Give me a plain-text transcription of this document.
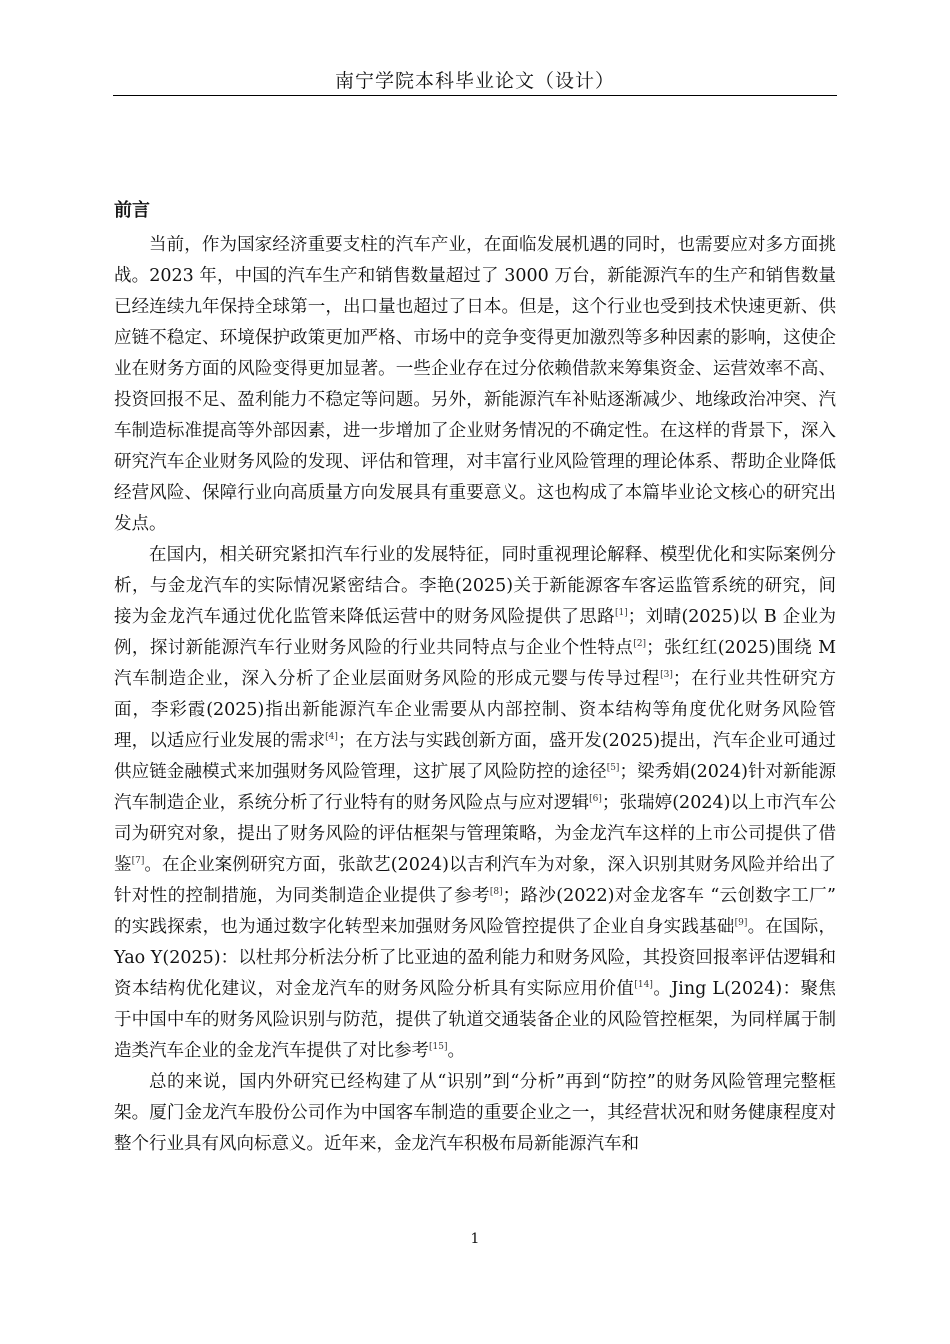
南宁学院本科毕业论文（设计）
前言

当前，作为国家经济重要支柱的汽车产业，在面临发展机遇的同时，也需要应对多方面挑战。2023 年，中国的汽车生产和销售数量超过了 3000 万台，新能源汽车的生产和销售数量已经连续九年保持全球第一，出口量也超过了日本。但是，这个行业也受到技术快速更新、供应链不稳定、环境保护政策更加严格、市场中的竞争变得更加激烈等多种因素的影响，这使企业在财务方面的风险变得更加显著。一些企业存在过分依赖借款来筹集资金、运营效率不高、投资回报不足、盈利能力不稳定等问题。另外，新能源汽车补贴逐渐减少、地缘政治冲突、汽车制造标准提高等外部因素，进一步增加了企业财务情况的不确定性。在这样的背景下，深入研究汽车企业财务风险的发现、评估和管理，对丰富行业风险管理的理论体系、帮助企业降低经营风险、保障行业向高质量方向发展具有重要意义。这也构成了本篇毕业论文核心的研究出发点。

在国内，相关研究紧扣汽车行业的发展特征，同时重视理论解释、模型优化和实际案例分析，与金龙汽车的实际情况紧密结合。李艳(2025)关于新能源客车客运监管系统的研究，间接为金龙汽车通过优化监管来降低运营中的财务风险提供了思路[1]；刘晴(2025)以 B 企业为例，探讨新能源汽车行业财务风险的行业共同特点与企业个性特点[2]；张红红(2025)围绕 M 汽车制造企业，深入分析了企业层面财务风险的形成元婴与传导过程[3]；在行业共性研究方面，李彩霞(2025)指出新能源汽车企业需要从内部控制、资本结构等角度优化财务风险管理，以适应行业发展的需求[4]；在方法与实践创新方面，盛开发(2025)提出，汽车企业可通过供应链金融模式来加强财务风险管理，这扩展了风险防控的途径[5]；梁秀娟(2024)针对新能源汽车制造企业，系统分析了行业特有的财务风险点与应对逻辑[6]；张瑞婷(2024)以上市汽车公司为研究对象，提出了财务风险的评估框架与管理策略，为金龙汽车这样的上市公司提供了借鉴[7]。在企业案例研究方面，张歆艺(2024)以吉利汽车为对象，深入识别其财务风险并给出了针对性的控制措施，为同类制造企业提供了参考[8]；路沙(2022)对金龙客车 “云创数字工厂” 的实践探索，也为通过数字化转型来加强财务风险管控提供了企业自身实践基础[9]。在国际，Yao Y(2025)：以杜邦分析法分析了比亚迪的盈利能力和财务风险，其投资回报率评估逻辑和资本结构优化建议，对金龙汽车的财务风险分析具有实际应用价值[14]。Jing L(2024)：聚焦于中国中车的财务风险识别与防范，提供了轨道交通装备企业的风险管控框架，为同样属于制造类汽车企业的金龙汽车提供了对比参考[15]。

总的来说，国内外研究已经构建了从“识别”到“分析”再到“防控”的财务风险管理完整框架。厦门金龙汽车股份公司作为中国客车制造的重要企业之一，其经营状况和财务健康程度对整个行业具有风向标意义。近年来，金龙汽车积极布局新能源汽车和

1
